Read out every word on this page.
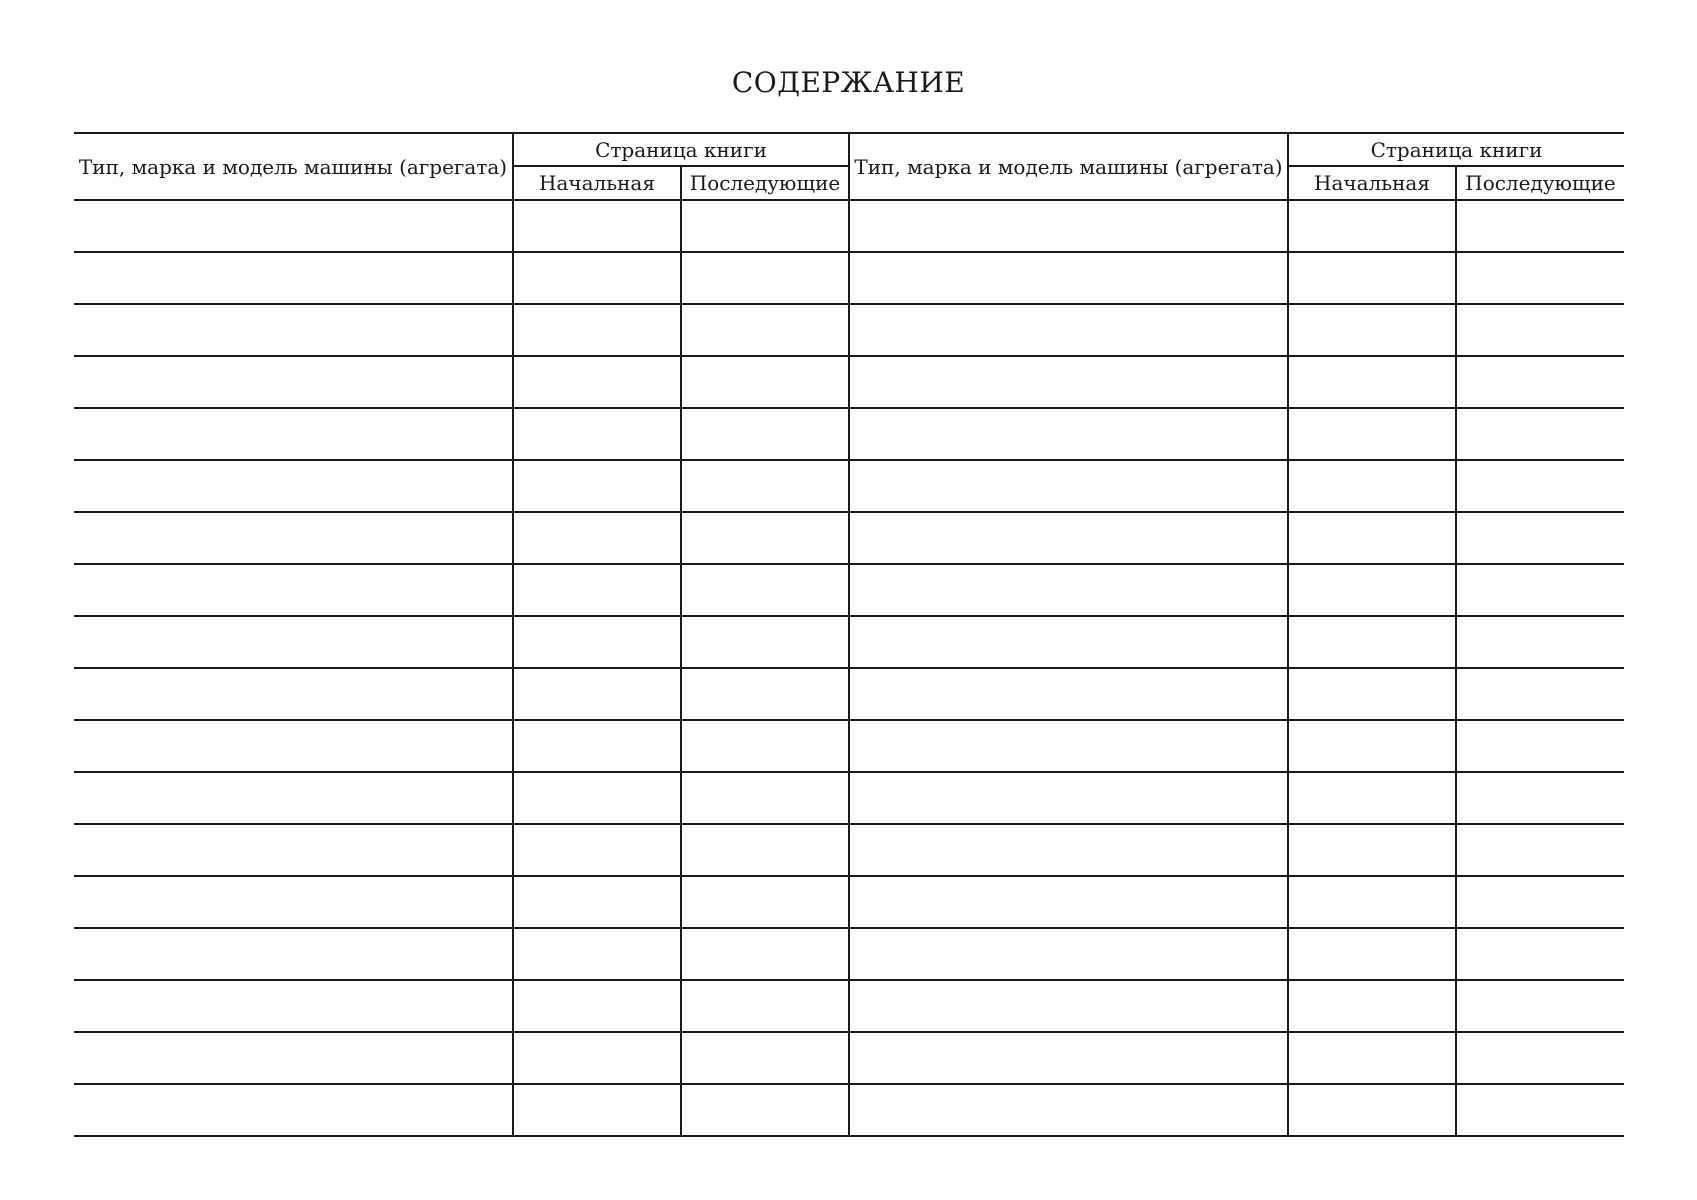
СОДЕРЖАНИЕ
Тип, марка и модель машины (агрегата)	Страница книги		Тип, марка и модель машины (агрегата)	Страница книги	
	Начальная	Последующие		Начальная	Последующие
